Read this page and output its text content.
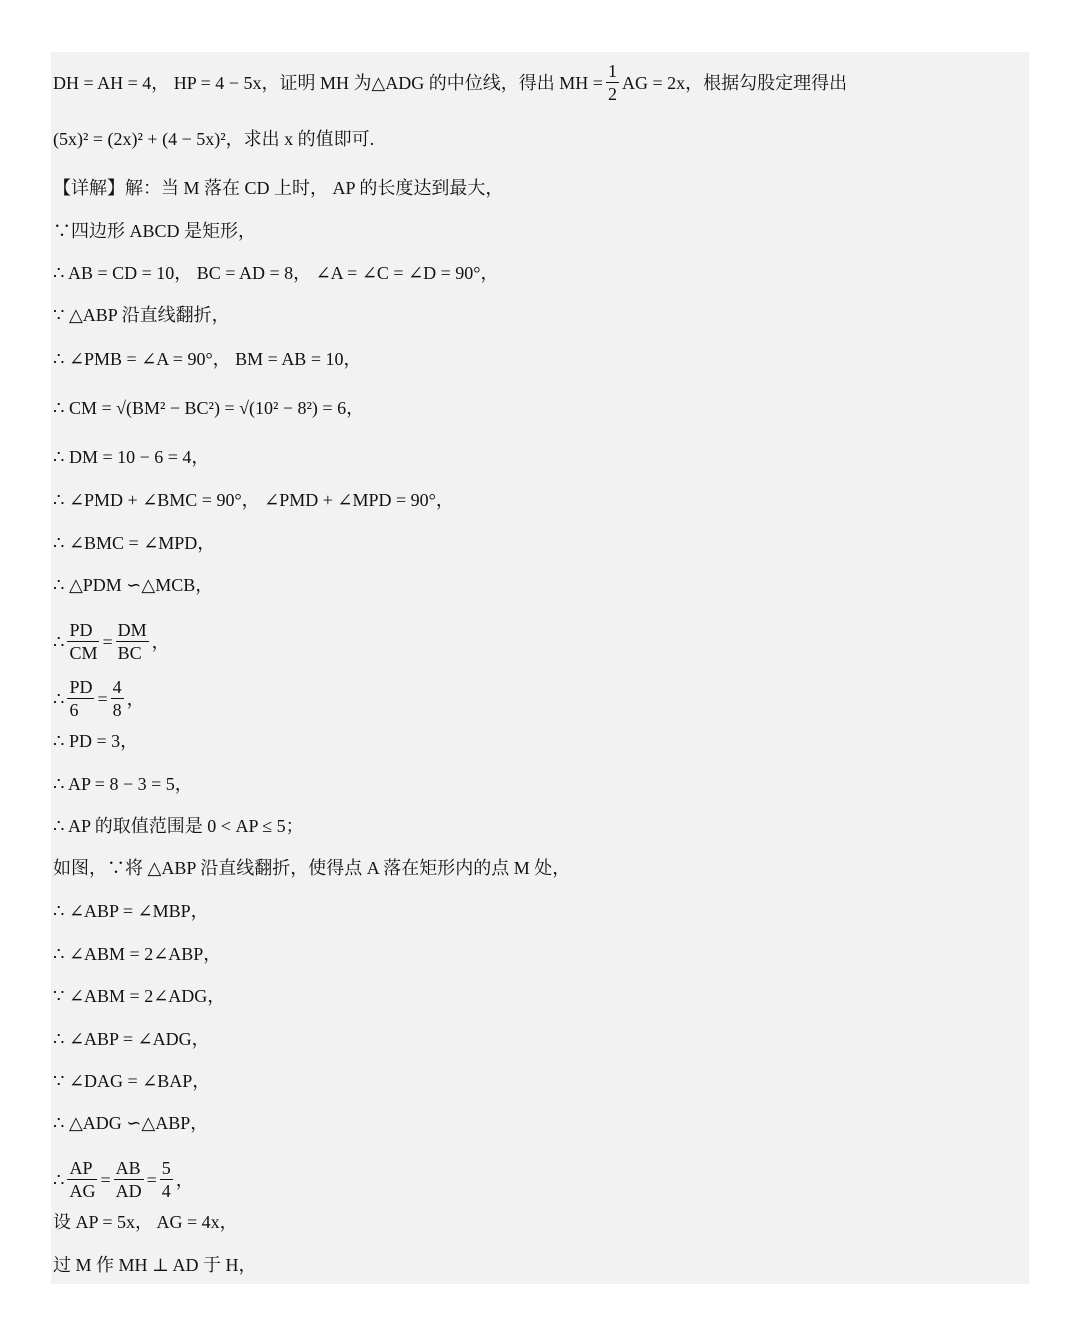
DH = AH = 4， HP = 4 − 5x，证明 MH 为△ADG 的中位线，得出 MH = $\frac{1}{2}$ AG = 2x，根据勾股定理得出
(5x)² = (2x)² + (4 − 5x)²，求出 x 的值即可.
【详解】解：当 M 落在 CD 上时， AP 的长度达到最大，
∵四边形 ABCD 是矩形，
∴ AB = CD = 10， BC = AD = 8， ∠A = ∠C = ∠D = 90°，
∵ △ABP 沿直线翻折，
∴ ∠PMB = ∠A = 90°， BM = AB = 10，
∴ CM = √(BM² − BC²) = √(10² − 8²) = 6，
∴ DM = 10 − 6 = 4，
∴ ∠PMD + ∠BMC = 90°， ∠PMD + ∠MPD = 90°，
∴ ∠BMC = ∠MPD，
∴ △PDM ∽△MCB，
∴ $\frac{PD}{CM} = \frac{DM}{BC}$ ，
∴ $\frac{PD}{6} = \frac{4}{8}$ ，
∴ PD = 3，
∴ AP = 8 − 3 = 5，
∴ AP 的取值范围是 0 < AP ≤ 5；
如图，∵将 △ABP 沿直线翻折，使得点 A 落在矩形内的点 M 处，
∴ ∠ABP = ∠MBP，
∴ ∠ABM = 2∠ABP，
∵ ∠ABM = 2∠ADG，
∴ ∠ABP = ∠ADG，
∵ ∠DAG = ∠BAP，
∴ △ADG ∽△ABP，
∴ $\frac{AP}{AG} = \frac{AB}{AD} = \frac{5}{4}$ ，
设 AP = 5x， AG = 4x，
过 M 作 MH ⊥ AD 于 H，
